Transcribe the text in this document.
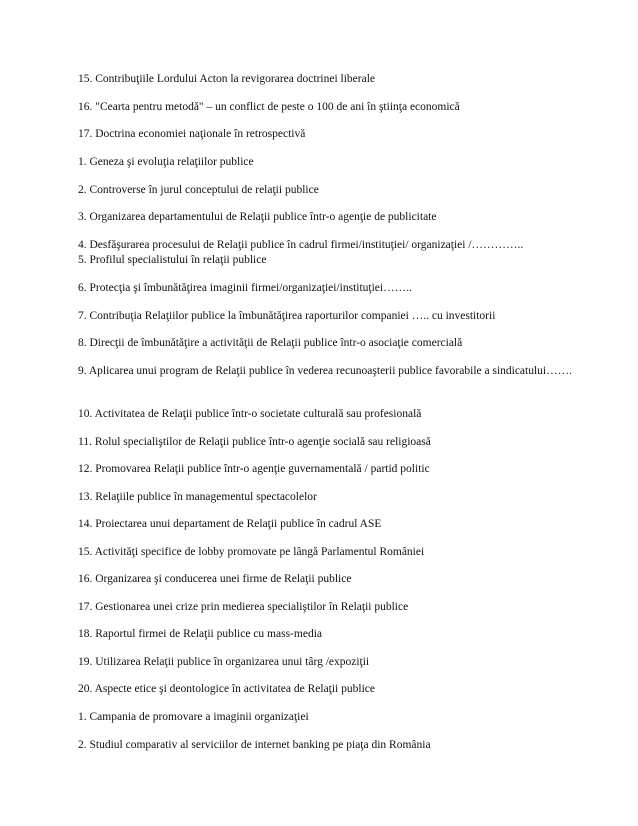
15. Contribuţiile Lordului Acton la revigorarea doctrinei liberale
16. "Cearta pentru metodă" – un conflict de peste o 100 de ani în ştiinţa economică
17. Doctrina economiei naţionale în retrospectivă
1. Geneza şi evoluţia relaţiilor publice
2. Controverse în jurul conceptului de relaţii publice
3. Organizarea departamentului de Relaţii publice într-o agenţie de publicitate
4. Desfăşurarea procesului de Relaţii publice în cadrul firmei/instituţiei/ organizaţiei /…………..
5. Profilul specialistului în relaţii publice
6. Protecţia şi îmbunătăţirea imaginii firmei/organizaţiei/instituţiei……..
7. Contribuţia Relaţiilor publice la îmbunătăţirea raporturilor companiei ….. cu investitorii
8. Direcţii de îmbunătăţire a activităţii de Relaţii publice într-o asociaţie comercială
9. Aplicarea unui program de Relaţii publice în vederea recunoaşterii publice favorabile a sindicatului…….
10. Activitatea de Relaţii publice într-o societate culturală sau profesională
11. Rolul specialiştilor de Relaţii publice într-o agenţie socială sau religioasă
12. Promovarea Relaţii publice într-o agenţie guvernamentală / partid politic
13. Relaţiile publice în managementul spectacolelor
14. Proiectarea unui departament de Relaţii publice în cadrul ASE
15. Activităţi specifice de lobby promovate pe lângă Parlamentul României
16. Organizarea şi conducerea unei firme de Relaţii publice
17. Gestionarea unei crize prin medierea specialiştilor în Relaţii publice
18. Raportul firmei de Relaţii publice cu mass-media
19. Utilizarea Relaţii publice în organizarea unui târg /expoziţii
20. Aspecte etice şi deontologice în activitatea de Relaţii publice
1. Campania de promovare a imaginii organizaţiei
2. Studiul comparativ al serviciilor de internet banking pe piaţa din România
